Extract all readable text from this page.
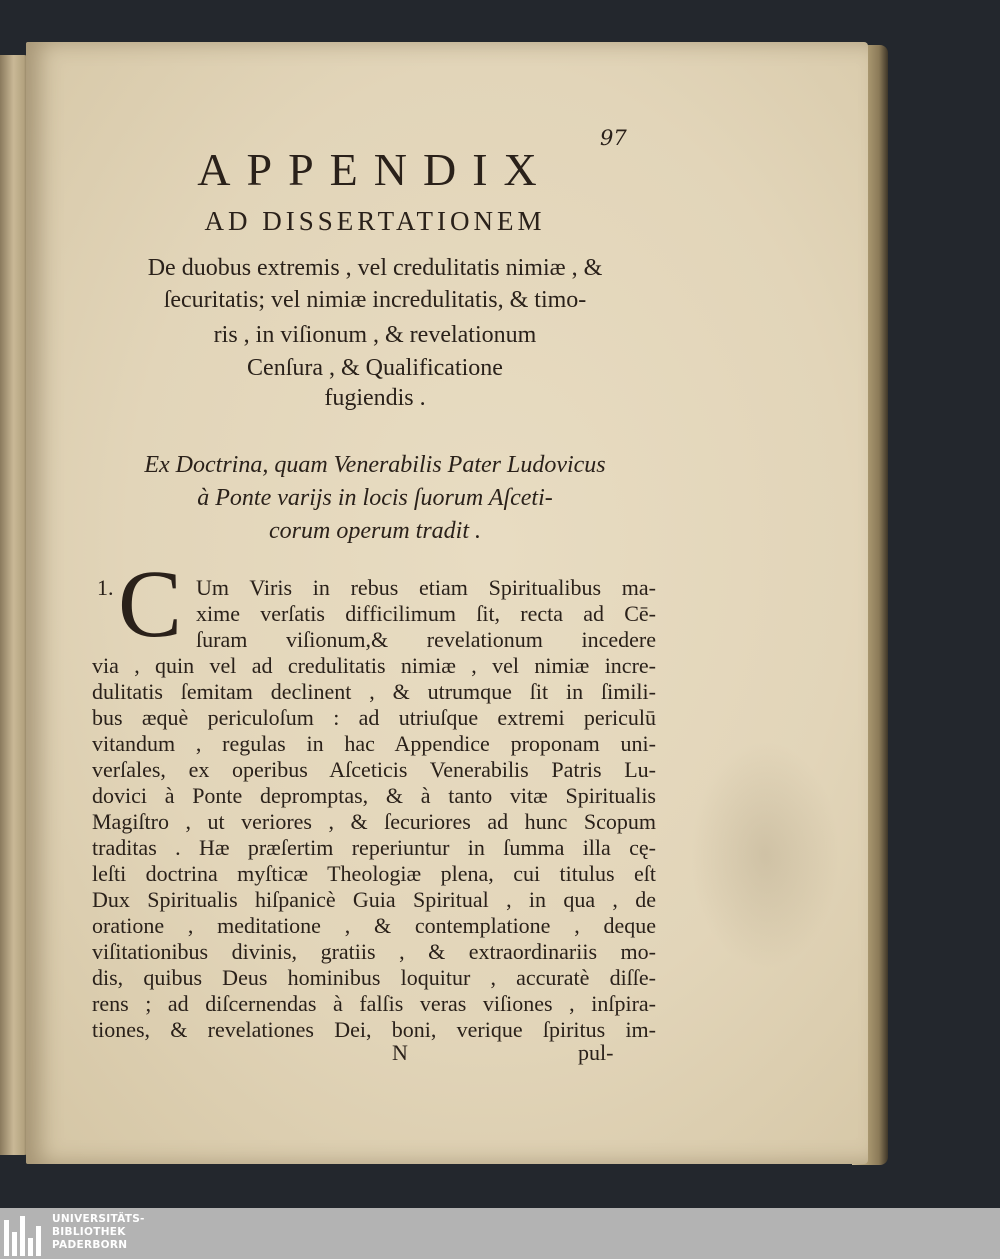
97
APPENDIX
AD DISSERTATIONEM
De duobus extremis , vel credulitatis nimiæ , &
ſecuritatis; vel nimiæ incredulitatis, & timo-
ris , in viſionum , & revelationum
Cenſura , & Qualificatione
fugiendis .
Ex Doctrina, quam Venerabilis Pater Ludovicus
à Ponte variјs in locis ſuorum Aſceti-
corum operum tradit .
1. C Um Viris in rebus etiam Spiritualibus ma-
xime verſatis difficilimum ſit, recta ad Cē-
ſuram viſionum,& revelationum incedere
via , quin vel ad credulitatis nimiæ , vel nimiæ incre-
dulitatis ſemitam declinent , & utrumque ſit in ſimili-
bus æquè periculoſum : ad utriuſque extremi periculū
vitandum , regulas in hac Appendice proponam uni-
verſales, ex operibus Aſceticis Venerabilis Patris Lu-
dovici à Ponte depromptas, & à tanto vitæ Spiritualis
Magiſtro , ut veriores , & ſecuriores ad hunc Scopum
traditas . Hæ præſertim reperiuntur in ſumma illa cę-
leſti doctrina myſticæ Theologiæ plena, cui titulus eſt
Dux Spiritualis hiſpanicè Guia Spiritual , in qua , de
oratione , meditatione , & contemplatione , deque
viſitationibus divinis, gratiis , & extraordinariis mo-
dis, quibus Deus hominibus loquitur , accuratè diſſe-
rens ; ad diſcernendas à falſis veras viſiones , inſpira-
tiones, & revelationes Dei, boni, verique ſpiritus im-
N	pul-
UNIVERSITÄTS-
BIBLIOTHEK
PADERBORN
